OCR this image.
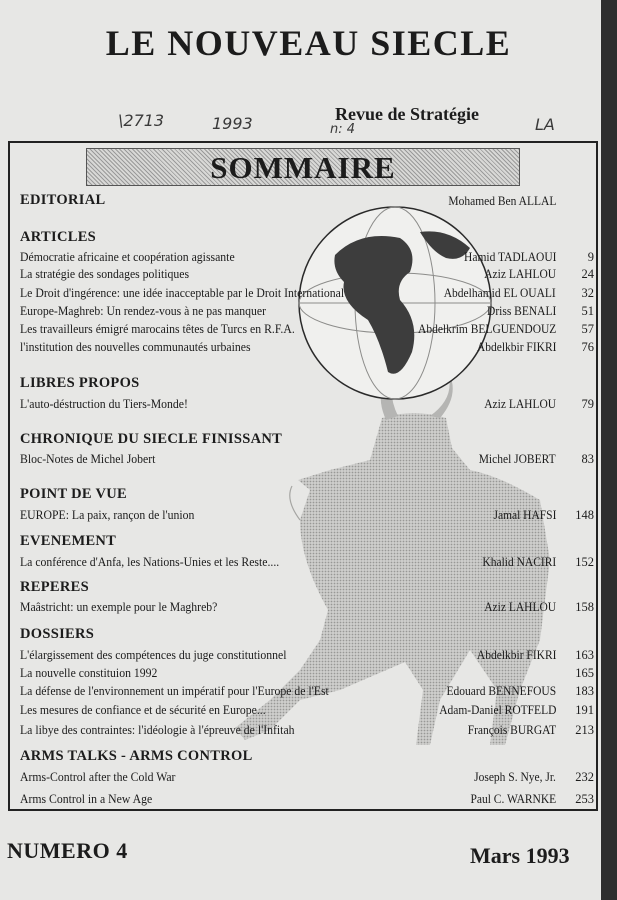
LE NOUVEAU SIECLE
\2713	1993	n: 4	LA
Revue de Stratégie
SOMMAIRE
EDITORIAL	Mohamed Ben ALLAL
ARTICLES
Démocratie africaine et coopération agissante	Hamid TADLAOUI	9
La stratégie des sondages politiques	Aziz LAHLOU 24
Le Droit d'ingérence: une idée inacceptable par le Droit International	Abdelhamid EL OUALI 32
Europe-Maghreb: Un rendez-vous à ne pas manquer	Driss BENALI 51
Les travailleurs émigré marocains têtes de Turcs en R.F.A.	Abdelkrim BELGUENDOUZ 57
l'institution des nouvelles communautés urbaines	Abdelkbir FIKRI 76
LIBRES PROPOS
L'auto-déstruction du Tiers-Monde!	Aziz LAHLOU 79
CHRONIQUE DU SIECLE FINISSANT
Bloc-Notes de Michel Jobert	Michel JOBERT 83
POINT DE VUE
EUROPE: La paix, rançon de l'union	Jamal HAFSI 148
EVENEMENT
La conférence d'Anfa, les Nations-Unies et les Reste....	Khalid NACIRI 152
REPERES
Maâstricht: un exemple pour le Maghreb?	Aziz LAHLOU 158
DOSSIERS
L'élargissement des compétences du juge constitutionnel	Abdelkbir FIKRI 163
La nouvelle constituion 1992	165
La défense de l'environnement un impératif pour l'Europe de l'Est	Edouard BENNEFOUS 183
Les mesures de confiance et de sécurité en Europe...	Adam-Daniel ROTFELD 191
La libye des contraintes: l'idéologie à l'épreuve de l'Infitah	François BURGAT 213
ARMS TALKS - ARMS CONTROL
Arms-Control after the Cold War	Joseph S. Nye, Jr. 232
Arms Control in a New Age	Paul C. WARNKE 253
NUMERO 4	Mars 1993
